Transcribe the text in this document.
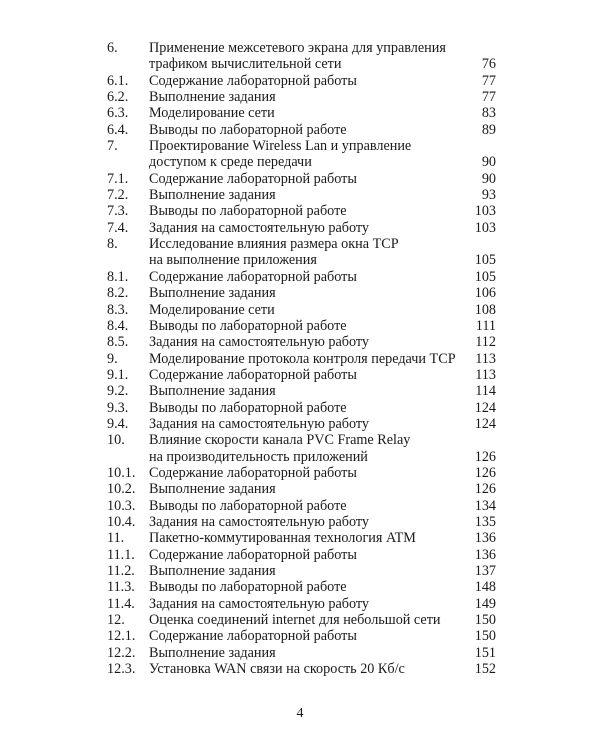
6. Применение межсетевого экрана для управления
трафиком вычислительной сети	76
6.1. Содержание лабораторной работы	77
6.2. Выполнение задания	77
6.3. Моделирование сети	83
6.4. Выводы по лабораторной работе	89
7. Проектирование Wireless Lan и управление
доступом к среде передачи	90
7.1. Содержание лабораторной работы	90
7.2. Выполнение задания	93
7.3. Выводы по лабораторной работе	103
7.4. Задания на самостоятельную работу	103
8. Исследование влияния размера окна TCP
на выполнение приложения	105
8.1. Содержание лабораторной работы	105
8.2. Выполнение задания	106
8.3. Моделирование сети	108
8.4. Выводы по лабораторной работе	111
8.5. Задания на самостоятельную работу	112
9. Моделирование протокола контроля передачи TCP 113
9.1. Содержание лабораторной работы	113
9.2. Выполнение задания	114
9.3. Выводы по лабораторной работе	124
9.4. Задания на самостоятельную работу	124
10. Влияние скорости канала PVC Frame Relay
на производительность приложений	126
10.1. Содержание лабораторной работы	126
10.2. Выполнение задания	126
10.3. Выводы по лабораторной работе	134
10.4. Задания на самостоятельную работу	135
11. Пакетно-коммутированная технология ATM	136
11.1. Содержание лабораторной работы	136
11.2. Выполнение задания	137
11.3. Выводы по лабораторной работе	148
11.4. Задания на самостоятельную работу	149
12. Оценка соединений internet для небольшой сети 150
12.1. Содержание лабораторной работы	150
12.2. Выполнение задания	151
12.3. Установка WAN связи на скорость 20 Кб/с	152
4
